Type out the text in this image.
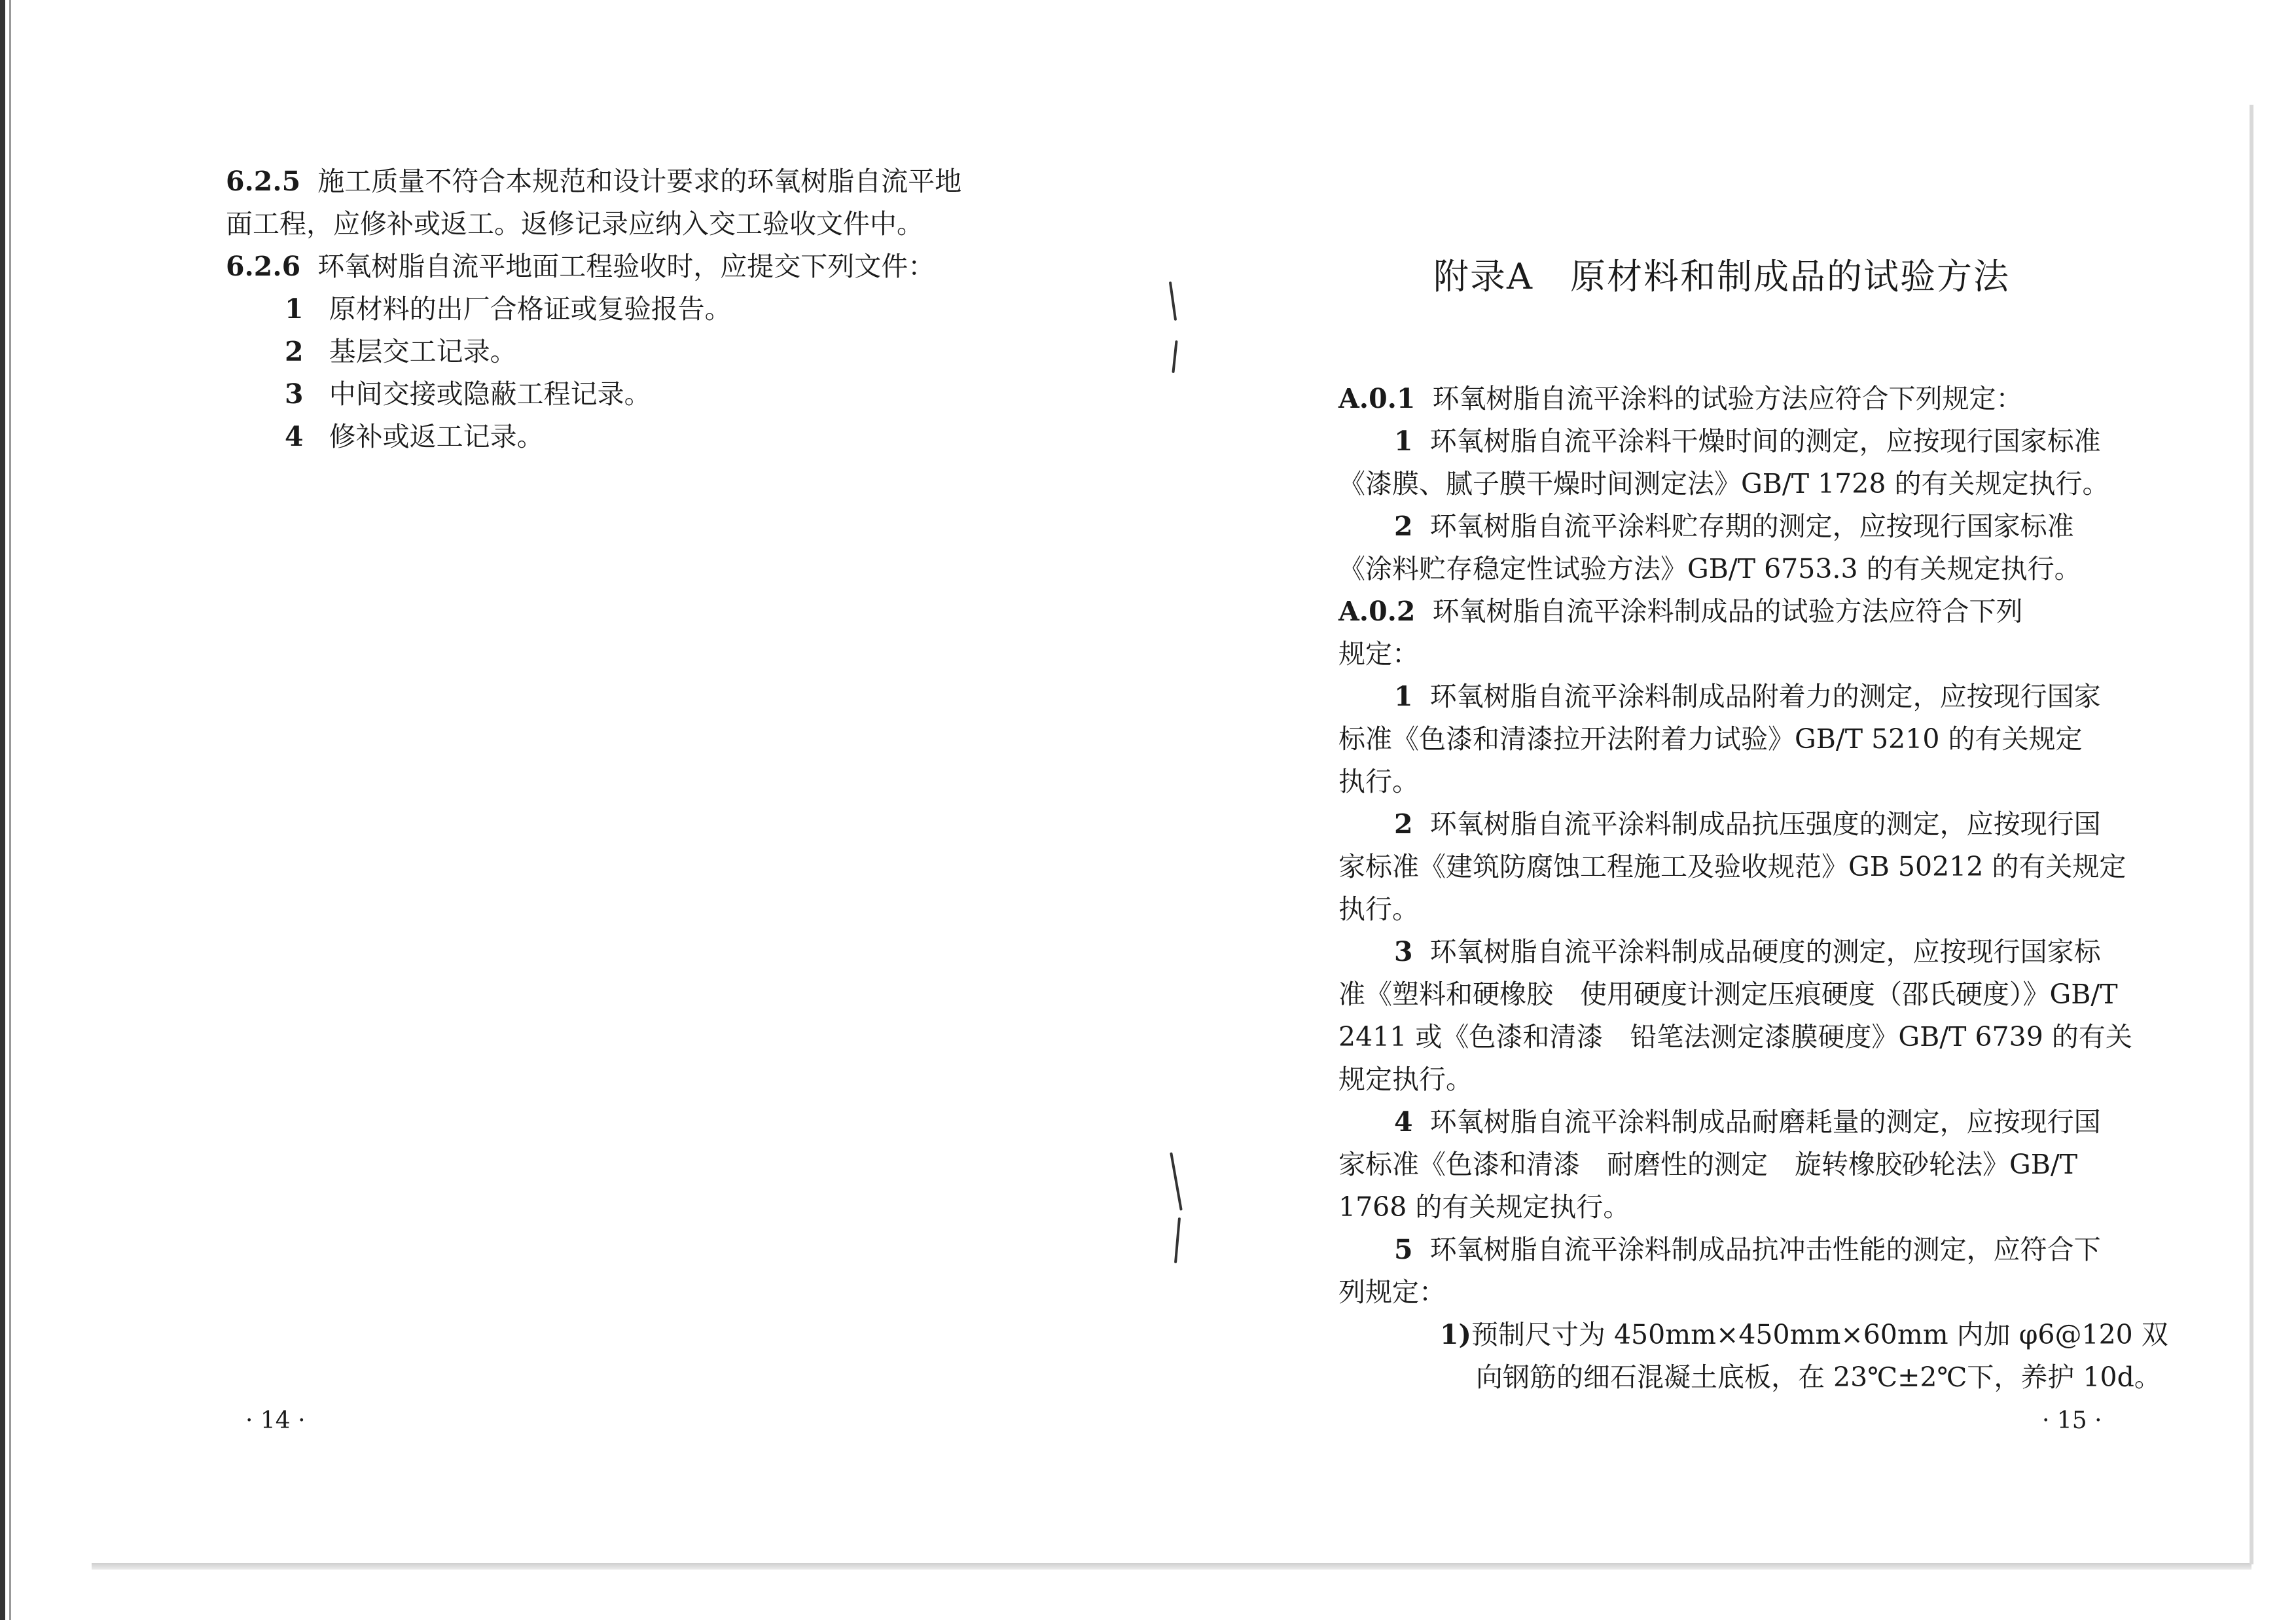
6.2.5 施工质量不符合本规范和设计要求的环氧树脂自流平地
面工程，应修补或返工。返修记录应纳入交工验收文件中。
6.2.6 环氧树脂自流平地面工程验收时，应提交下列文件：
1 原材料的出厂合格证或复验报告。
2 基层交工记录。
3 中间交接或隐蔽工程记录。
4 修补或返工记录。
· 14 ·
附录A　原材料和制成品的试验方法
A.0.1 环氧树脂自流平涂料的试验方法应符合下列规定：
1 环氧树脂自流平涂料干燥时间的测定，应按现行国家标准
《漆膜、腻子膜干燥时间测定法》GB/T 1728 的有关规定执行。
2 环氧树脂自流平涂料贮存期的测定，应按现行国家标准
《涂料贮存稳定性试验方法》GB/T 6753.3 的有关规定执行。
A.0.2 环氧树脂自流平涂料制成品的试验方法应符合下列
规定：
1 环氧树脂自流平涂料制成品附着力的测定，应按现行国家
标准《色漆和清漆拉开法附着力试验》GB/T 5210 的有关规定
执行。
2 环氧树脂自流平涂料制成品抗压强度的测定，应按现行国
家标准《建筑防腐蚀工程施工及验收规范》GB 50212 的有关规定
执行。
3 环氧树脂自流平涂料制成品硬度的测定，应按现行国家标
准《塑料和硬橡胶　使用硬度计测定压痕硬度（邵氏硬度）》GB/T
2411 或《色漆和清漆　铅笔法测定漆膜硬度》GB/T 6739 的有关
规定执行。
4 环氧树脂自流平涂料制成品耐磨耗量的测定，应按现行国
家标准《色漆和清漆　耐磨性的测定　旋转橡胶砂轮法》GB/T
1768 的有关规定执行。
5 环氧树脂自流平涂料制成品抗冲击性能的测定，应符合下
列规定：
1)预制尺寸为 450mm×450mm×60mm 内加 φ6@120 双
向钢筋的细石混凝土底板，在 23℃±2℃下，养护 10d。
· 15 ·
